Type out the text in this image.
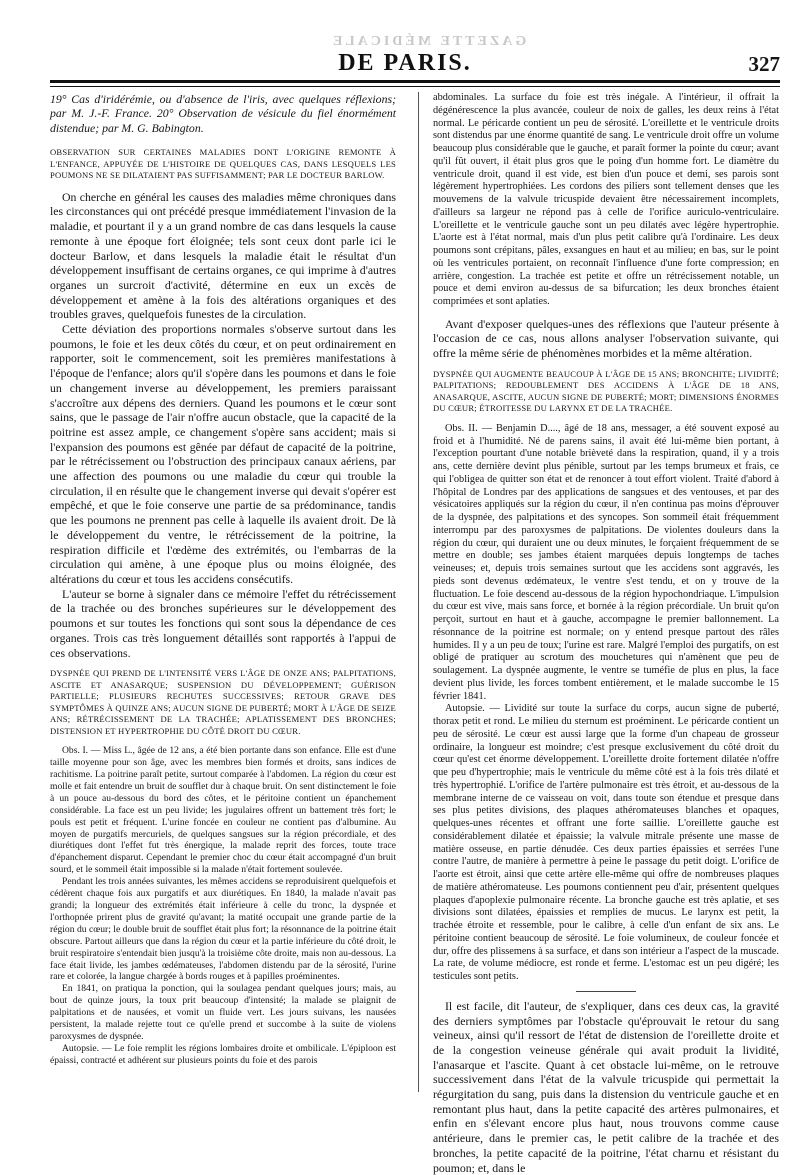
GAZETTE MÉDICALE
DE PARIS.	327

19° Cas d'iridérémie, ou d'absence de l'iris, avec quelques réflexions; par M. J.-F. France. 20° Observation de vésicule du fiel énormément distendue; par M. G. Babington.

OBSERVATION SUR CERTAINES MALADIES DONT L'ORIGINE REMONTE À L'ENFANCE, APPUYÉE DE L'HISTOIRE DE QUELQUES CAS, DANS LESQUELS LES POUMONS NE SE DILATAIENT PAS SUFFISAMMENT; PAR LE DOCTEUR BARLOW.

On cherche en général les causes des maladies même chroniques dans les circonstances qui ont précédé presque immédiatement l'invasion de la maladie, et pourtant il y a un grand nombre de cas dans lesquels la cause remonte à une époque fort éloignée; tels sont ceux dont parle ici le docteur Barlow, et dans lesquels la maladie était le résultat d'un développement insuffisant de certains organes, ce qui imprime à d'autres organes un surcroit d'activité, détermine en eux un excès de développement et amène à la fois des altérations organiques et des troubles graves, quelquefois funestes de la circulation.

Cette déviation des proportions normales s'observe surtout dans les poumons, le foie et les deux côtés du cœur, et on peut ordinairement en rapporter, soit le commencement, soit les premières manifestations à l'époque de l'enfance; alors qu'il s'opère dans les poumons et dans le foie un changement inverse au développement, les premiers paraissant s'accroître aux dépens des derniers. Quand les poumons et le cœur sont sains, que le passage de l'air n'offre aucun obstacle, que la capacité de la poitrine est assez ample, ce changement s'opère sans accident; mais si l'expansion des poumons est gênée par défaut de capacité de la poitrine, par le rétrécissement ou l'obstruction des principaux canaux aériens, par une affection des poumons ou une maladie du cœur qui trouble la circulation, il en résulte que le changement inverse qui devait s'opérer est empêché, et que le foie conserve une partie de sa prédominance, tandis que les poumons ne prennent pas celle à laquelle ils avaient droit. De là le développement du ventre, le rétrécissement de la poitrine, la respiration difficile et l'œdème des extrémités, ou l'embarras de la circulation qui amène, à une époque plus ou moins éloignée, des altérations du cœur et tous les accidens consécutifs.

L'auteur se borne à signaler dans ce mémoire l'effet du rétrécissement de la trachée ou des bronches supérieures sur le développement des poumons et sur toutes les fonctions qui sont sous la dépendance de ces organes. Trois cas très longuement détaillés sont rapportés à l'appui de ces observations.

DYSPNÉE QUI PREND DE L'INTENSITÉ VERS L'ÂGE DE ONZE ANS; PALPITATIONS, ASCITE ET ANASARQUE; SUSPENSION DU DÉVELOPPEMENT; GUÉRISON PARTIELLE; PLUSIEURS RECHUTES SUCCESSIVES; RETOUR GRAVE DES SYMPTÔMES À QUINZE ANS; AUCUN SIGNE DE PUBERTÉ; MORT À L'ÂGE DE SEIZE ANS; RÉTRÉCISSEMENT DE LA TRACHÉE; APLATISSEMENT DES BRONCHES; DISTENSION ET HYPERTROPHIE DU CÔTÉ DROIT DU CŒUR.

Obs. I. — Miss L., âgée de 12 ans, a été bien portante dans son enfance. Elle est d'une taille moyenne pour son âge, avec les membres bien formés et droits, sans indices de rachitisme. La poitrine paraît petite, surtout comparée à l'abdomen. La région du cœur est molle et fait entendre un bruit de soufflet dur à chaque bruit. On sent distinctement le foie à un pouce au-dessous du bord des côtes, et le péritoine contient un épanchement considérable. La face est un peu livide; les jugulaires offrent un battement très fort; le pouls est petit et fréquent. L'urine foncée en couleur ne contient pas d'albumine. Au moyen de purgatifs mercuriels, de quelques sangsues sur la région précordiale, et des diurétiques dont l'effet fut très énergique, la malade reprit des forces, toute trace d'épanchement disparut. Cependant le premier choc du cœur était accompagné d'un bruit sourd, et le sommeil était impossible si la malade n'était fortement soulevée.

Pendant les trois années suivantes, les mêmes accidens se reproduisirent quelquefois et cédèrent chaque fois aux purgatifs et aux diurétiques. En 1840, la malade n'avait pas grandi; la longueur des extrémités était inférieure à celle du tronc, la dyspnée et l'orthopnée prirent plus de gravité qu'avant; la matité occupait une grande partie de la région du cœur; le double bruit de soufflet était plus fort; la résonnance de la poitrine était obscure. Partout ailleurs que dans la région du cœur et la partie inférieure du côté droit, le bruit respiratoire s'entendait bien jusqu'à la troisième côte droite, mais non au-dessous. La face était livide, les jambes œdémateuses, l'abdomen distendu par de la sérosité, l'urine rare et colorée, la langue chargée à bords rouges et à papilles proéminentes.

En 1841, on pratiqua la ponction, qui la soulagea pendant quelques jours; mais, au bout de quinze jours, la toux prit beaucoup d'intensité; la malade se plaignit de palpitations et de nausées, et vomit un fluide vert. Les jours suivans, les nausées persistent, la malade rejette tout ce qu'elle prend et succombe à la suite de violens paroxysmes de dyspnée.

Autopsie. — Le foie remplit les régions lombaires droite et ombilicale. L'épiploon est épaissi, contracté et adhérent sur plusieurs points du foie et des parois

abdominales. La surface du foie est très inégale. A l'intérieur, il offrait la dégénérescence la plus avancée, couleur de noix de galles, les deux reins à l'état normal. Le péricarde contient un peu de sérosité. L'oreillette et le ventricule droits sont distendus par une énorme quantité de sang. Le ventricule droit offre un volume beaucoup plus considérable que le gauche, et paraît former la pointe du cœur; avant qu'il fût ouvert, il était plus gros que le poing d'un homme fort. Le diamètre du ventricule droit, quand il est vide, est bien d'un pouce et demi, ses parois sont légèrement hypertrophiées. Les cordons des piliers sont tellement denses que les mouvemens de la valvule tricuspide devaient être nécessairement incomplets, d'ailleurs sa largeur ne répond pas à celle de l'orifice auriculo-ventriculaire. L'oreillette et le ventricule gauche sont un peu dilatés avec légère hypertrophie. L'aorte est à l'état normal, mais d'un plus petit calibre qu'à l'ordinaire. Les deux poumons sont crépitans, pâles, exsangues en haut et au milieu; en bas, sur le point où les ventricules portaient, on reconnaît l'influence d'une forte compression; en arrière, congestion. La trachée est petite et offre un rétrécissement notable, un pouce et demi environ au-dessus de sa bifurcation; les deux bronches étaient comprimées et sont aplaties.

Avant d'exposer quelques-unes des réflexions que l'auteur présente à l'occasion de ce cas, nous allons analyser l'observation suivante, qui offre la même série de phénomènes morbides et la même altération.

DYSPNÉE QUI AUGMENTE BEAUCOUP À L'ÂGE DE 15 ANS; BRONCHITE; LIVIDITÉ; PALPITATIONS; REDOUBLEMENT DES ACCIDENS À L'ÂGE DE 18 ANS, ANASARQUE, ASCITE, AUCUN SIGNE DE PUBERTÉ; MORT; DIMENSIONS ÉNORMES DU CŒUR; ÉTROITESSE DU LARYNX ET DE LA TRACHÉE.

Obs. II. — Benjamin D...., âgé de 18 ans, messager, a été souvent exposé au froid et à l'humidité. Né de parens sains, il avait été lui-même bien portant, à l'exception pourtant d'une notable brièveté dans la respiration, quand, il y a trois ans, cette dernière devint plus pénible, surtout par les temps brumeux et frais, ce qui l'obligea de quitter son état et de renoncer à tout effort violent. Traité d'abord à l'hôpital de Londres par des applications de sangsues et des ventouses, et par des vésicatoires appliqués sur la région du cœur, il n'en continua pas moins d'éprouver de la dyspnée, des palpitations et des syncopes. Son sommeil était fréquemment interrompu par des paroxysmes de palpitations. De violentes douleurs dans la région du cœur, qui duraient une ou deux minutes, le forçaient fréquemment de se mettre en double; ses jambes étaient marquées depuis longtemps de taches veineuses; et, depuis trois semaines surtout que les accidens sont aggravés, les pieds sont devenus œdémateux, le ventre s'est tendu, et on y trouve de la fluctuation. Le foie descend au-dessous de la région hypochondriaque. L'impulsion du cœur est vive, mais sans force, et bornée à la région précordiale. Un bruit qu'on perçoit, surtout en haut et à gauche, accompagne le premier ballonnement. La résonnance de la poitrine est normale; on y entend presque partout des râles humides. Il y a un peu de toux; l'urine est rare. Malgré l'emploi des purgatifs, on est obligé de pratiquer au scrotum des mouchetures qui n'amènent que peu de soulagement. La dyspnée augmente, le ventre se tuméfie de plus en plus, la face devient plus livide, les forces tombent entièrement, et le malade succombe le 15 février 1841.

Autopsie. — Lividité sur toute la surface du corps, aucun signe de puberté, thorax petit et rond. Le milieu du sternum est proéminent. Le péricarde contient un peu de sérosité. Le cœur est aussi large que la forme d'un chapeau de grosseur ordinaire, la longueur est moindre; c'est presque exclusivement du côté droit du cœur qu'est cet énorme développement. L'oreillette droite fortement dilatée n'offre que peu d'hypertrophie; mais le ventricule du même côté est à la fois très dilaté et très hypertrophié. L'orifice de l'artère pulmonaire est très étroit, et au-dessous de la membrane interne de ce vaisseau on voit, dans toute son étendue et presque dans ses plus petites divisions, des plaques athéromateuses blanches et opaques, quelques-unes récentes et offrant une forte saillie. L'oreillette gauche est considérablement dilatée et épaissie; la valvule mitrale présente une masse de matière osseuse, en partie dénudée. Ces deux parties épaissies et serrées l'une contre l'autre, de manière à permettre à peine le passage du petit doigt. L'orifice de l'aorte est étroit, ainsi que cette artère elle-même qui offre de nombreuses plaques de matière athéromateuse. Les poumons contiennent peu d'air, présentent quelques plaques d'apoplexie pulmonaire récente. La bronche gauche est très aplatie, et ses divisions sont dilatées, épaissies et remplies de mucus. Le larynx est petit, la trachée étroite et ressemble, pour le calibre, à celle d'un enfant de six ans. Le péritoine contient beaucoup de sérosité. Le foie volumineux, de couleur foncée et dur, offre des plissemens à sa surface, et dans son intérieur a l'aspect de la muscade. La rate, de volume médiocre, est ronde et ferme. L'estomac est un peu digéré; les testicules sont petits.

Il est facile, dit l'auteur, de s'expliquer, dans ces deux cas, la gravité des derniers symptômes par l'obstacle qu'éprouvait le retour du sang veineux, ainsi qu'il ressort de l'état de distension de l'oreillette droite et de la congestion veineuse générale qui avait produit la lividité, l'anasarque et l'ascite. Quant à cet obstacle lui-même, on le retrouve successivement dans l'état de la valvule tricuspide qui permettait la régurgitation du sang, puis dans la distension du ventricule gauche et en remontant plus haut, dans la petite capacité des artères pulmonaires, et enfin en s'élevant encore plus haut, nous trouvons comme cause antérieure, dans le premier cas, le petit calibre de la trachée et des bronches, la petite capacité de la poitrine, l'état charnu et résistant du poumon; et, dans le
